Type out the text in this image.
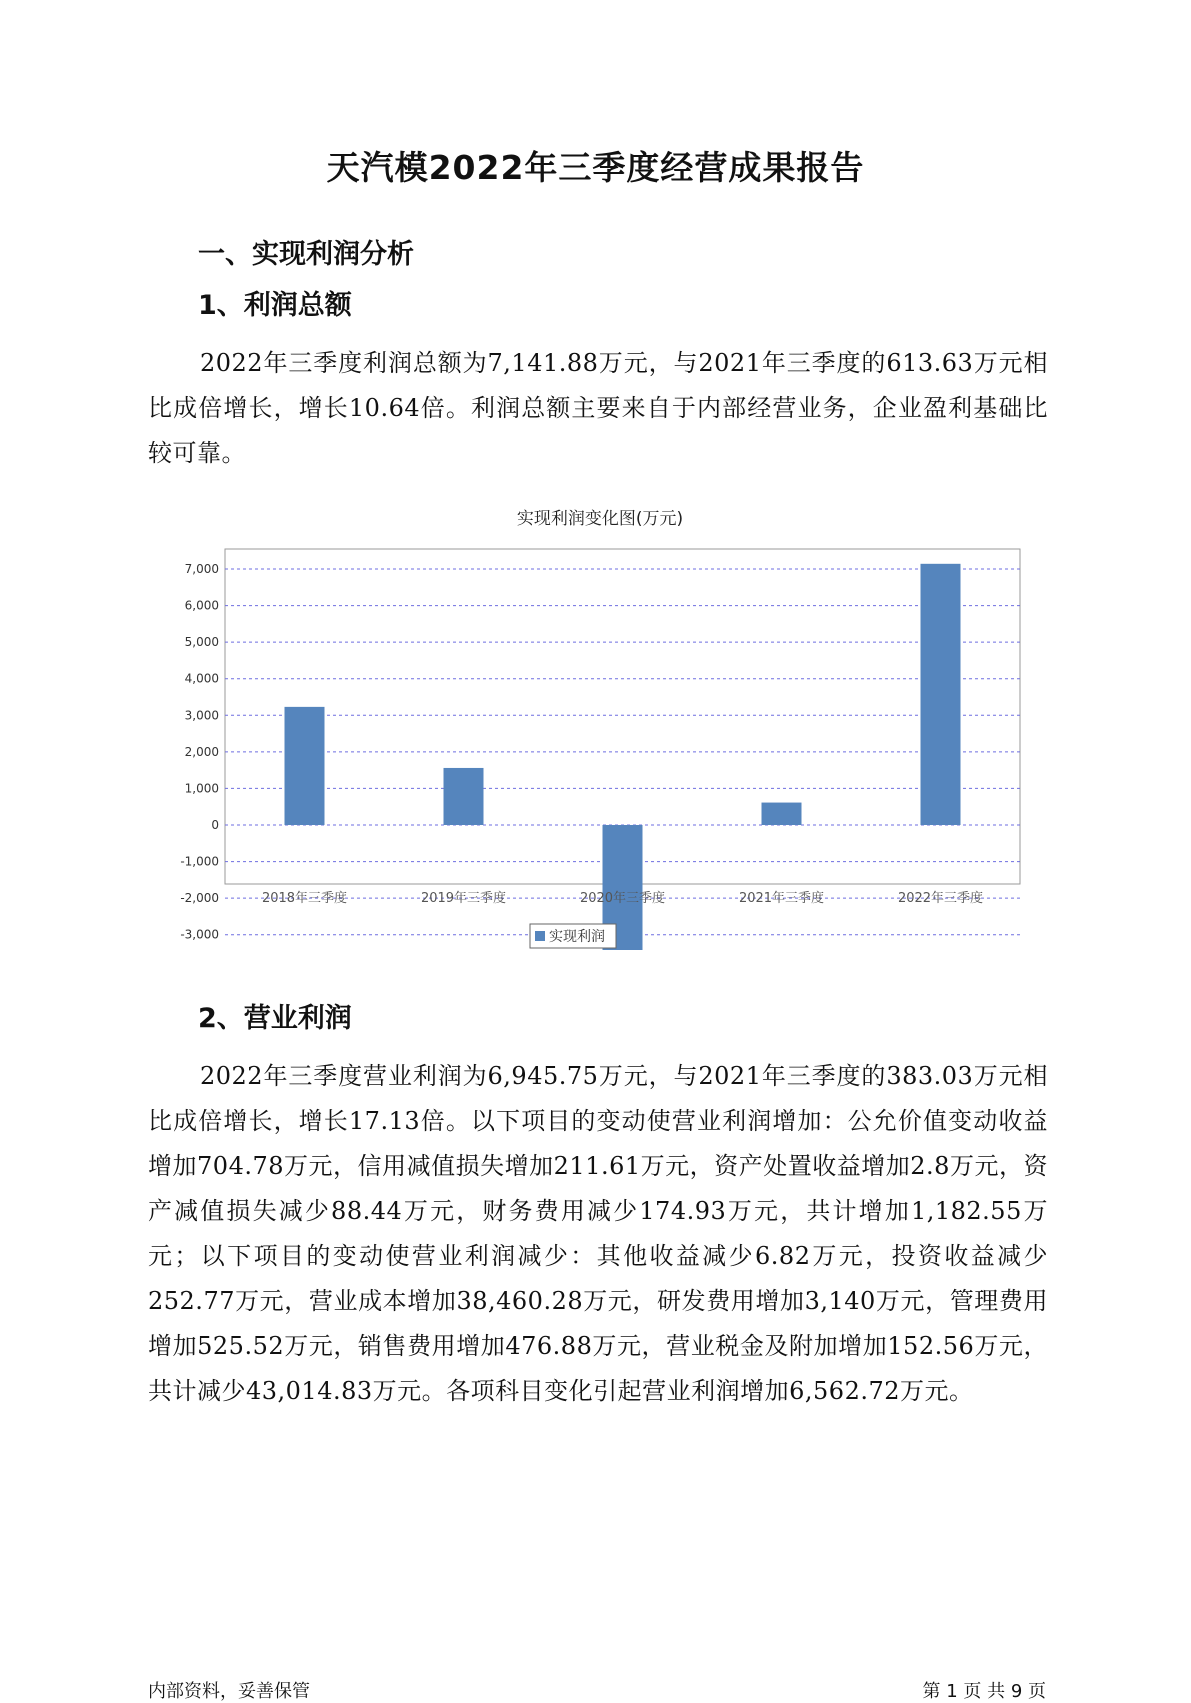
天汽模2022年三季度经营成果报告
一、实现利润分析
1、利润总额
2022年三季度利润总额为7,141.88万元，与2021年三季度的613.63万元相比成倍增长，增长10.64倍。利润总额主要来自于内部经营业务，企业盈利基础比较可靠。
实现利润变化图(万元)
7,000
6,000
5,000
4,000
3,000
2,000
1,000
0
-1,000
-2,000
-3,000
2018年三季度	2019年三季度	2020年三季度	2021年三季度	2022年三季度
实现利润
2、营业利润
2022年三季度营业利润为6,945.75万元，与2021年三季度的383.03万元相比成倍增长，增长17.13倍。以下项目的变动使营业利润增加：公允价值变动收益增加704.78万元，信用减值损失增加211.61万元，资产处置收益增加2.8万元，资产减值损失减少88.44万元，财务费用减少174.93万元，共计增加1,182.55万元；以下项目的变动使营业利润减少：其他收益减少6.82万元，投资收益减少252.77万元，营业成本增加38,460.28万元，研发费用增加3,140万元，管理费用增加525.52万元，销售费用增加476.88万元，营业税金及附加增加152.56万元，共计减少43,014.83万元。各项科目变化引起营业利润增加6,562.72万元。
内部资料，妥善保管	第 1 页 共 9 页
